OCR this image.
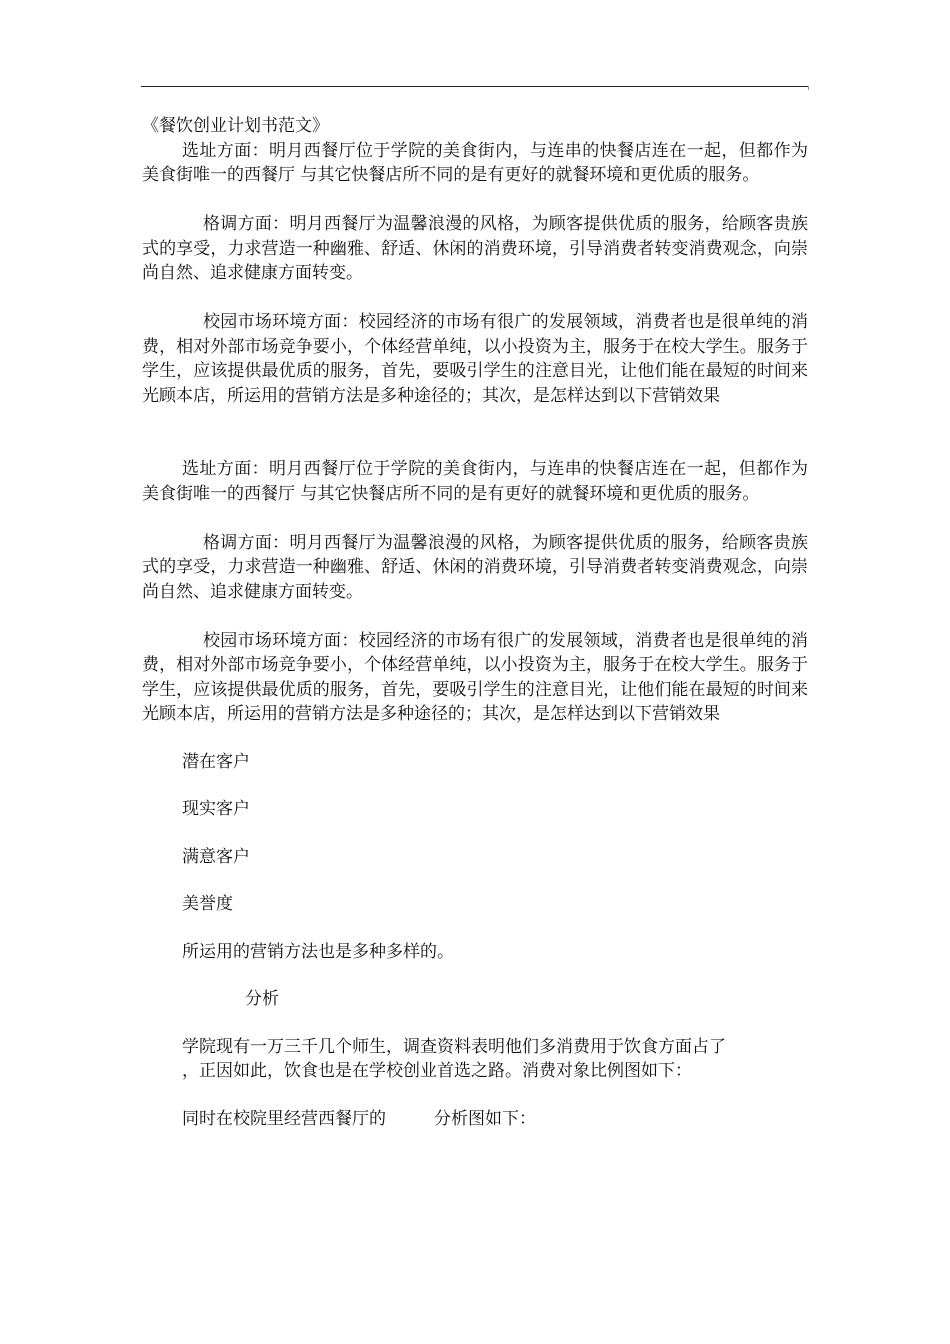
《餐饮创业计划书范文》

选址方面：明月西餐厅位于学院的美食街内，与连串的快餐店连在一起，但都作为美食街唯一的西餐厅 与其它快餐店所不同的是有更好的就餐环境和更优质的服务。

格调方面：明月西餐厅为温馨浪漫的风格，为顾客提供优质的服务，给顾客贵族式的享受，力求营造一种幽雅、舒适、休闲的消费环境，引导消费者转变消费观念，向崇尚自然、追求健康方面转变。

校园市场环境方面：校园经济的市场有很广的发展领域，消费者也是很单纯的消费，相对外部市场竞争要小，个体经营单纯，以小投资为主，服务于在校大学生。服务于学生，应该提供最优质的服务，首先，要吸引学生的注意目光，让他们能在最短的时间来光顾本店，所运用的营销方法是多种途径的；其次，是怎样达到以下营销效果

选址方面：明月西餐厅位于学院的美食街内，与连串的快餐店连在一起，但都作为美食街唯一的西餐厅 与其它快餐店所不同的是有更好的就餐环境和更优质的服务。

格调方面：明月西餐厅为温馨浪漫的风格，为顾客提供优质的服务，给顾客贵族式的享受，力求营造一种幽雅、舒适、休闲的消费环境，引导消费者转变消费观念，向崇尚自然、追求健康方面转变。

校园市场环境方面：校园经济的市场有很广的发展领域，消费者也是很单纯的消费，相对外部市场竞争要小，个体经营单纯，以小投资为主，服务于在校大学生。服务于学生，应该提供最优质的服务，首先，要吸引学生的注意目光，让他们能在最短的时间来光顾本店，所运用的营销方法是多种途径的；其次，是怎样达到以下营销效果

潜在客户

现实客户

满意客户

美誉度

所运用的营销方法也是多种多样的。

分析

学院现有一万三千几个师生，调查资料表明他们多消费用于饮食方面占了
，正因如此，饮食也是在学校创业首选之路。消费对象比例图如下：
同时在校院里经营西餐厅的	分析图如下：
